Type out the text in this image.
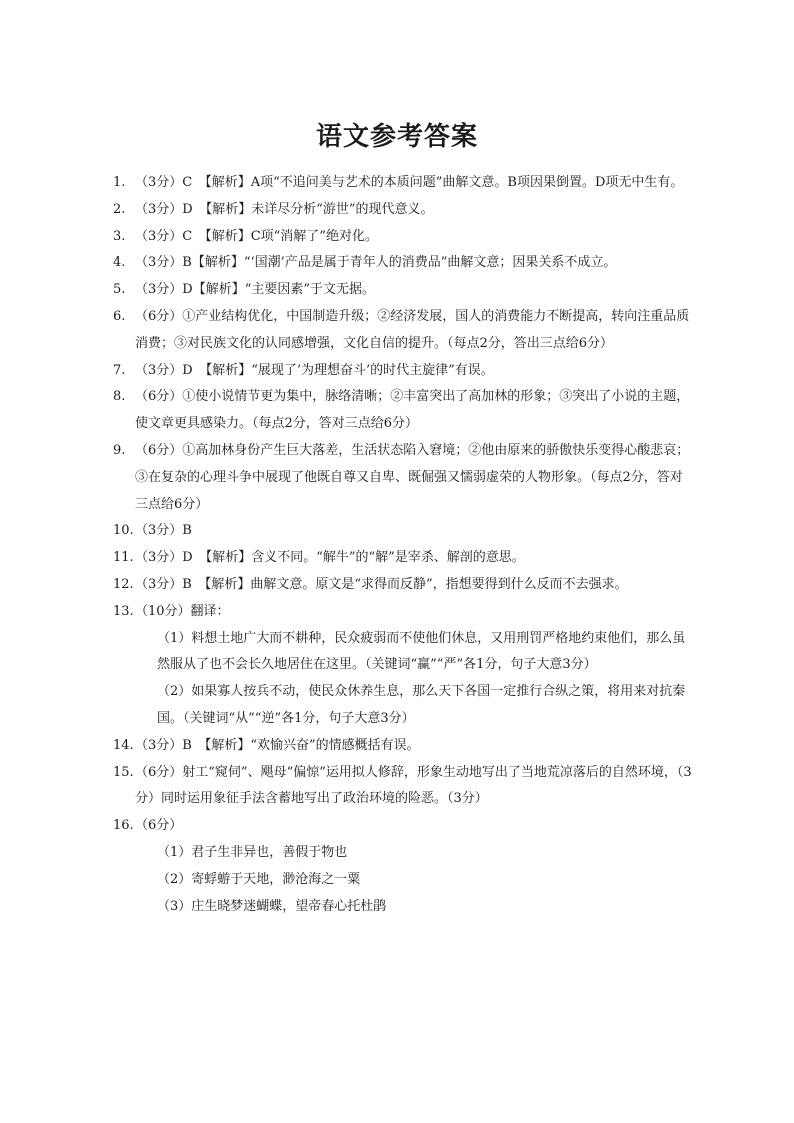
语文参考答案
1. （3分）C　【解析】A项“不追问美与艺术的本质问题”曲解文意。B项因果倒置。D项无中生有。
2. （3分）D　【解析】未详尽分析“游世”的现代意义。
3. （3分）C　【解析】C项“消解了”绝对化。
4. （3分）B【解析】“‘国潮’产品是属于青年人的消费品”曲解文意；因果关系不成立。
5. （3分）D【解析】“主要因素”于文无据。
6. （6分）①产业结构优化，中国制造升级；②经济发展，国人的消费能力不断提高，转向注重品质消费；③对民族文化的认同感增强，文化自信的提升。（每点2分，答出三点给6分）
7. （3分）D　【解析】“展现了‘为理想奋斗’的时代主旋律”有误。
8. （6分）①使小说情节更为集中，脉络清晰；②丰富突出了高加林的形象；③突出了小说的主题，使文章更具感染力。（每点2分，答对三点给6分）
9. （6分）①高加林身份产生巨大落差，生活状态陷入窘境；②他由原来的骄傲快乐变得心酸悲哀；③在复杂的心理斗争中展现了他既自尊又自卑、既倔强又懦弱虚荣的人物形象。（每点2分，答对三点给6分）
10. （3分）B
11. （3分）D　【解析】含义不同。“解牛”的“解”是宰杀、解剖的意思。
12. （3分）B　【解析】曲解文意。原文是“求得而反静”，指想要得到什么反而不去强求。
13. （10分）翻译：
（1）料想土地广大而不耕种，民众疲弱而不使他们休息，又用刑罚严格地约束他们，那么虽然服从了也不会长久地居住在这里。（关键词“赢”“严”各1分，句子大意3分）
（2）如果寡人按兵不动，使民众休养生息，那么天下各国一定推行合纵之策，将用来对抗秦国。（关键词“从”“逆”各1分，句子大意3分）
14. （3分）B　【解析】“欢愉兴奋”的情感概括有误。
15. （6分）射工“窥伺”、飓母“偏惊”运用拟人修辞，形象生动地写出了当地荒凉落后的自然环境，（3分）同时运用象征手法含蓄地写出了政治环境的险恶。（3分）
16. （6分）
（1）君子生非异也，善假于物也
（2）寄蜉蝣于天地，渺沧海之一粟
（3）庄生晓梦迷蝴蝶，望帝春心托杜鹃
